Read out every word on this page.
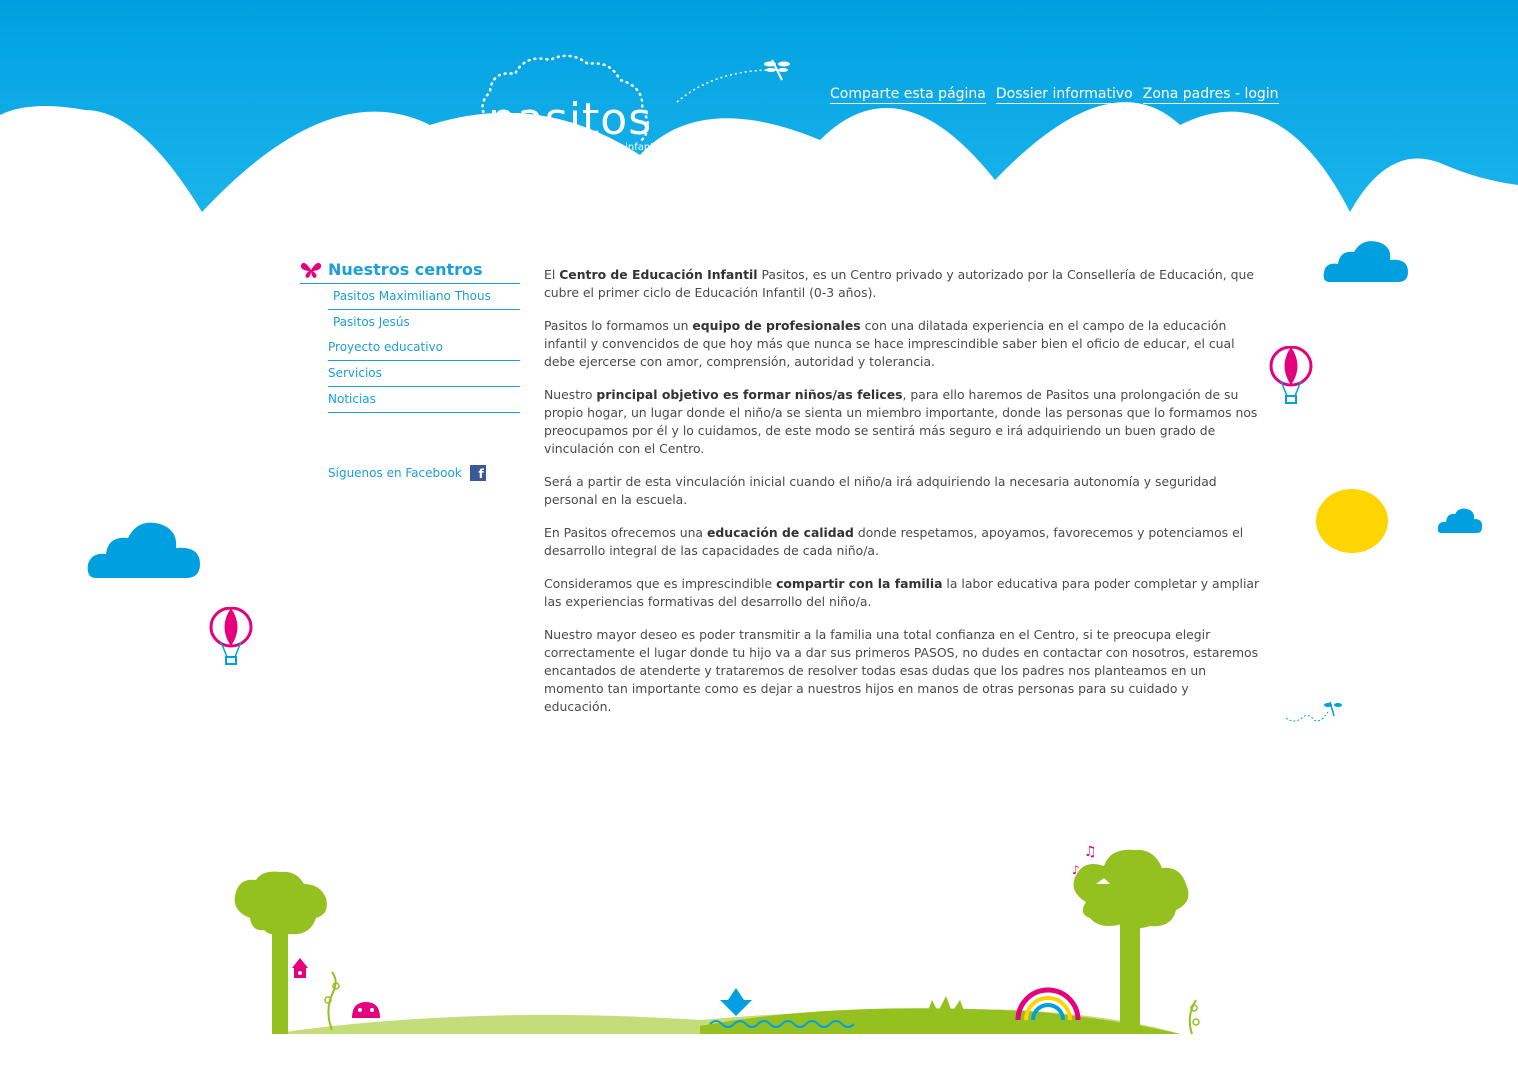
pasitos
centro de educación infantil
Comparte esta página Dossier informativo Zona padres - login
Nuestros centros
Pasitos Maximiliano Thous
Pasitos Jesús
Proyecto educativo
Servicios
Noticias
Síguenos en Facebook	f

El Centro de Educación Infantil Pasitos, es un Centro privado y autorizado por la Consellería de Educación, que cubre el primer ciclo de Educación Infantil (0-3 años).

Pasitos lo formamos un equipo de profesionales con una dilatada experiencia en el campo de la educación infantil y convencidos de que hoy más que nunca se hace imprescindible saber bien el oficio de educar, el cual debe ejercerse con amor, comprensión, autoridad y tolerancia.

Nuestro principal objetivo es formar niños/as felices, para ello haremos de Pasitos una prolongación de su propio hogar, un lugar donde el niño/a se sienta un miembro importante, donde las personas que lo formamos nos preocupamos por él y lo cuidamos, de este modo se sentirá más seguro e irá adquiriendo un buen grado de vinculación con el Centro.

Será a partir de esta vinculación inicial cuando el niño/a irá adquiriendo la necesaria autonomía y seguridad personal en la escuela.

En Pasitos ofrecemos una educación de calidad donde respetamos, apoyamos, favorecemos y potenciamos el desarrollo integral de las capacidades de cada niño/a.

Consideramos que es imprescindible compartir con la familia la labor educativa para poder completar y ampliar las experiencias formativas del desarrollo del niño/a.

Nuestro mayor deseo es poder transmitir a la familia una total confianza en el Centro, si te preocupa elegir correctamente el lugar donde tu hijo va a dar sus primeros PASOS, no dudes en contactar con nosotros, estaremos encantados de atenderte y trataremos de resolver todas esas dudas que los padres nos planteamos en un momento tan importante como es dejar a nuestros hijos en manos de otras personas para su cuidado y educación.

♫
♪
